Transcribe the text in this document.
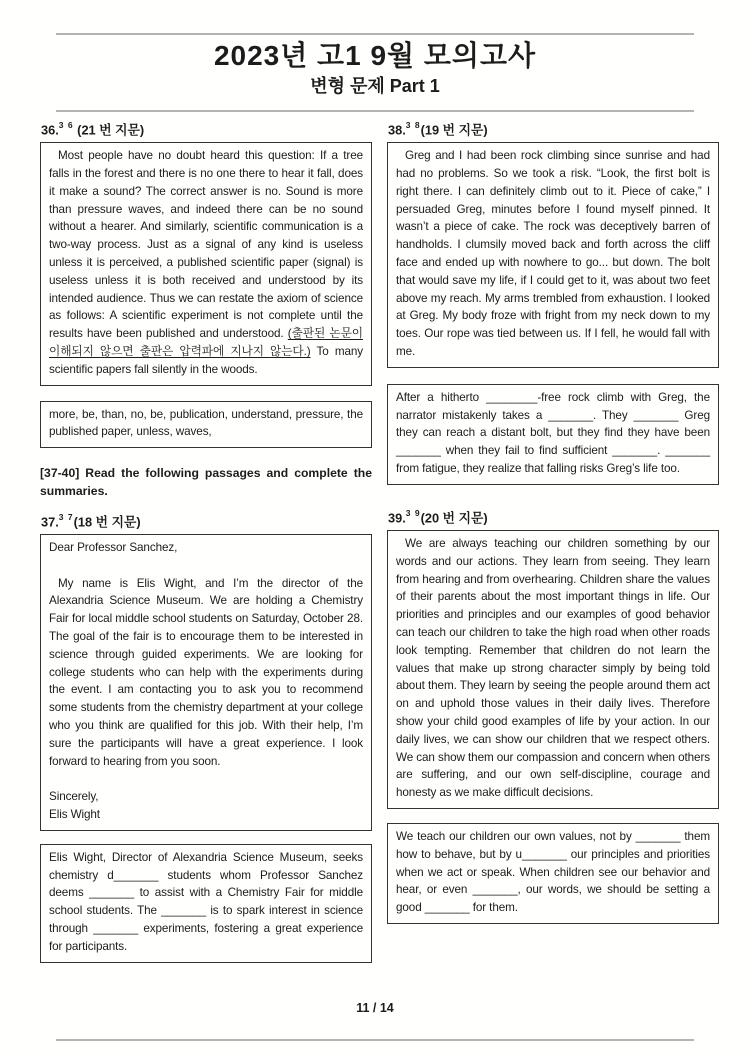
2023년 고1 9월 모의고사
변형 문제 Part 1
36.$^{3 6}$ (21 번 지문)

Most people have no doubt heard this question: If a tree falls in the forest and there is no one there to hear it fall, does it make a sound? The correct answer is no. Sound is more than pressure waves, and indeed there can be no sound without a hearer. And similarly, scientific communication is a two-way process. Just as a signal of any kind is useless unless it is perceived, a published scientific paper (signal) is useless unless it is both received and understood by its intended audience. Thus we can restate the axiom of science as follows: A scientific experiment is not complete until the results have been published and understood. (출판된 논문이 이해되지 않으면 출판은 압력파에 지나지 않는다.) To many scientific papers fall silently in the woods.

more, be, than, no, be, publication, understand, pressure, the published paper, unless, waves,

[37-40] Read the following passages and complete the summaries.

37.$^{3 7}$(18 번 지문)

Dear Professor Sanchez,

My name is Elis Wight, and I’m the director of the Alexandria Science Museum. We are holding a Chemistry Fair for local middle school students on Saturday, October 28. The goal of the fair is to encourage them to be interested in science through guided experiments. We are looking for college students who can help with the experiments during the event. I am contacting you to ask you to recommend some students from the chemistry department at your college who you think are qualified for this job. With their help, I’m sure the participants will have a great experience. I look forward to hearing from you soon.

Sincerely,

Elis Wight

Elis Wight, Director of Alexandria Science Museum, seeks chemistry d_______ students whom Professor Sanchez deems _______ to assist with a Chemistry Fair for middle school students. The _______ is to spark interest in science through _______ experiments, fostering a great experience for participants.

38.$^{3 8}$(19 번 지문)

Greg and I had been rock climbing since sunrise and had had no problems. So we took a risk. “Look, the first bolt is right there. I can definitely climb out to it. Piece of cake,” I persuaded Greg, minutes before I found myself pinned. It wasn’t a piece of cake. The rock was deceptively barren of handholds. I clumsily moved back and forth across the cliff face and ended up with nowhere to go... but down. The bolt that would save my life, if I could get to it, was about two feet above my reach. My arms trembled from exhaustion. I looked at Greg. My body froze with fright from my neck down to my toes. Our rope was tied between us. If I fell, he would fall with me.

After a hitherto ________-free rock climb with Greg, the narrator mistakenly takes a _______. They _______ Greg they can reach a distant bolt, but they find they have been _______ when they fail to find sufficient _______. _______ from fatigue, they realize that falling risks Greg’s life too.

39.$^{3 9}$(20 번 지문)

We are always teaching our children something by our words and our actions. They learn from seeing. They learn from hearing and from overhearing. Children share the values of their parents about the most important things in life. Our priorities and principles and our examples of good behavior can teach our children to take the high road when other roads look tempting. Remember that children do not learn the values that make up strong character simply by being told about them. They learn by seeing the people around them act on and uphold those values in their daily lives. Therefore show your child good examples of life by your action. In our daily lives, we can show our children that we respect others. We can show them our compassion and concern when others are suffering, and our own self-discipline, courage and honesty as we make difficult decisions.

We teach our children our own values, not by _______ them how to behave, but by u_______ our principles and priorities when we act or speak. When children see our behavior and hear, or even _______, our words, we should be setting a good _______ for them.

11 / 14
